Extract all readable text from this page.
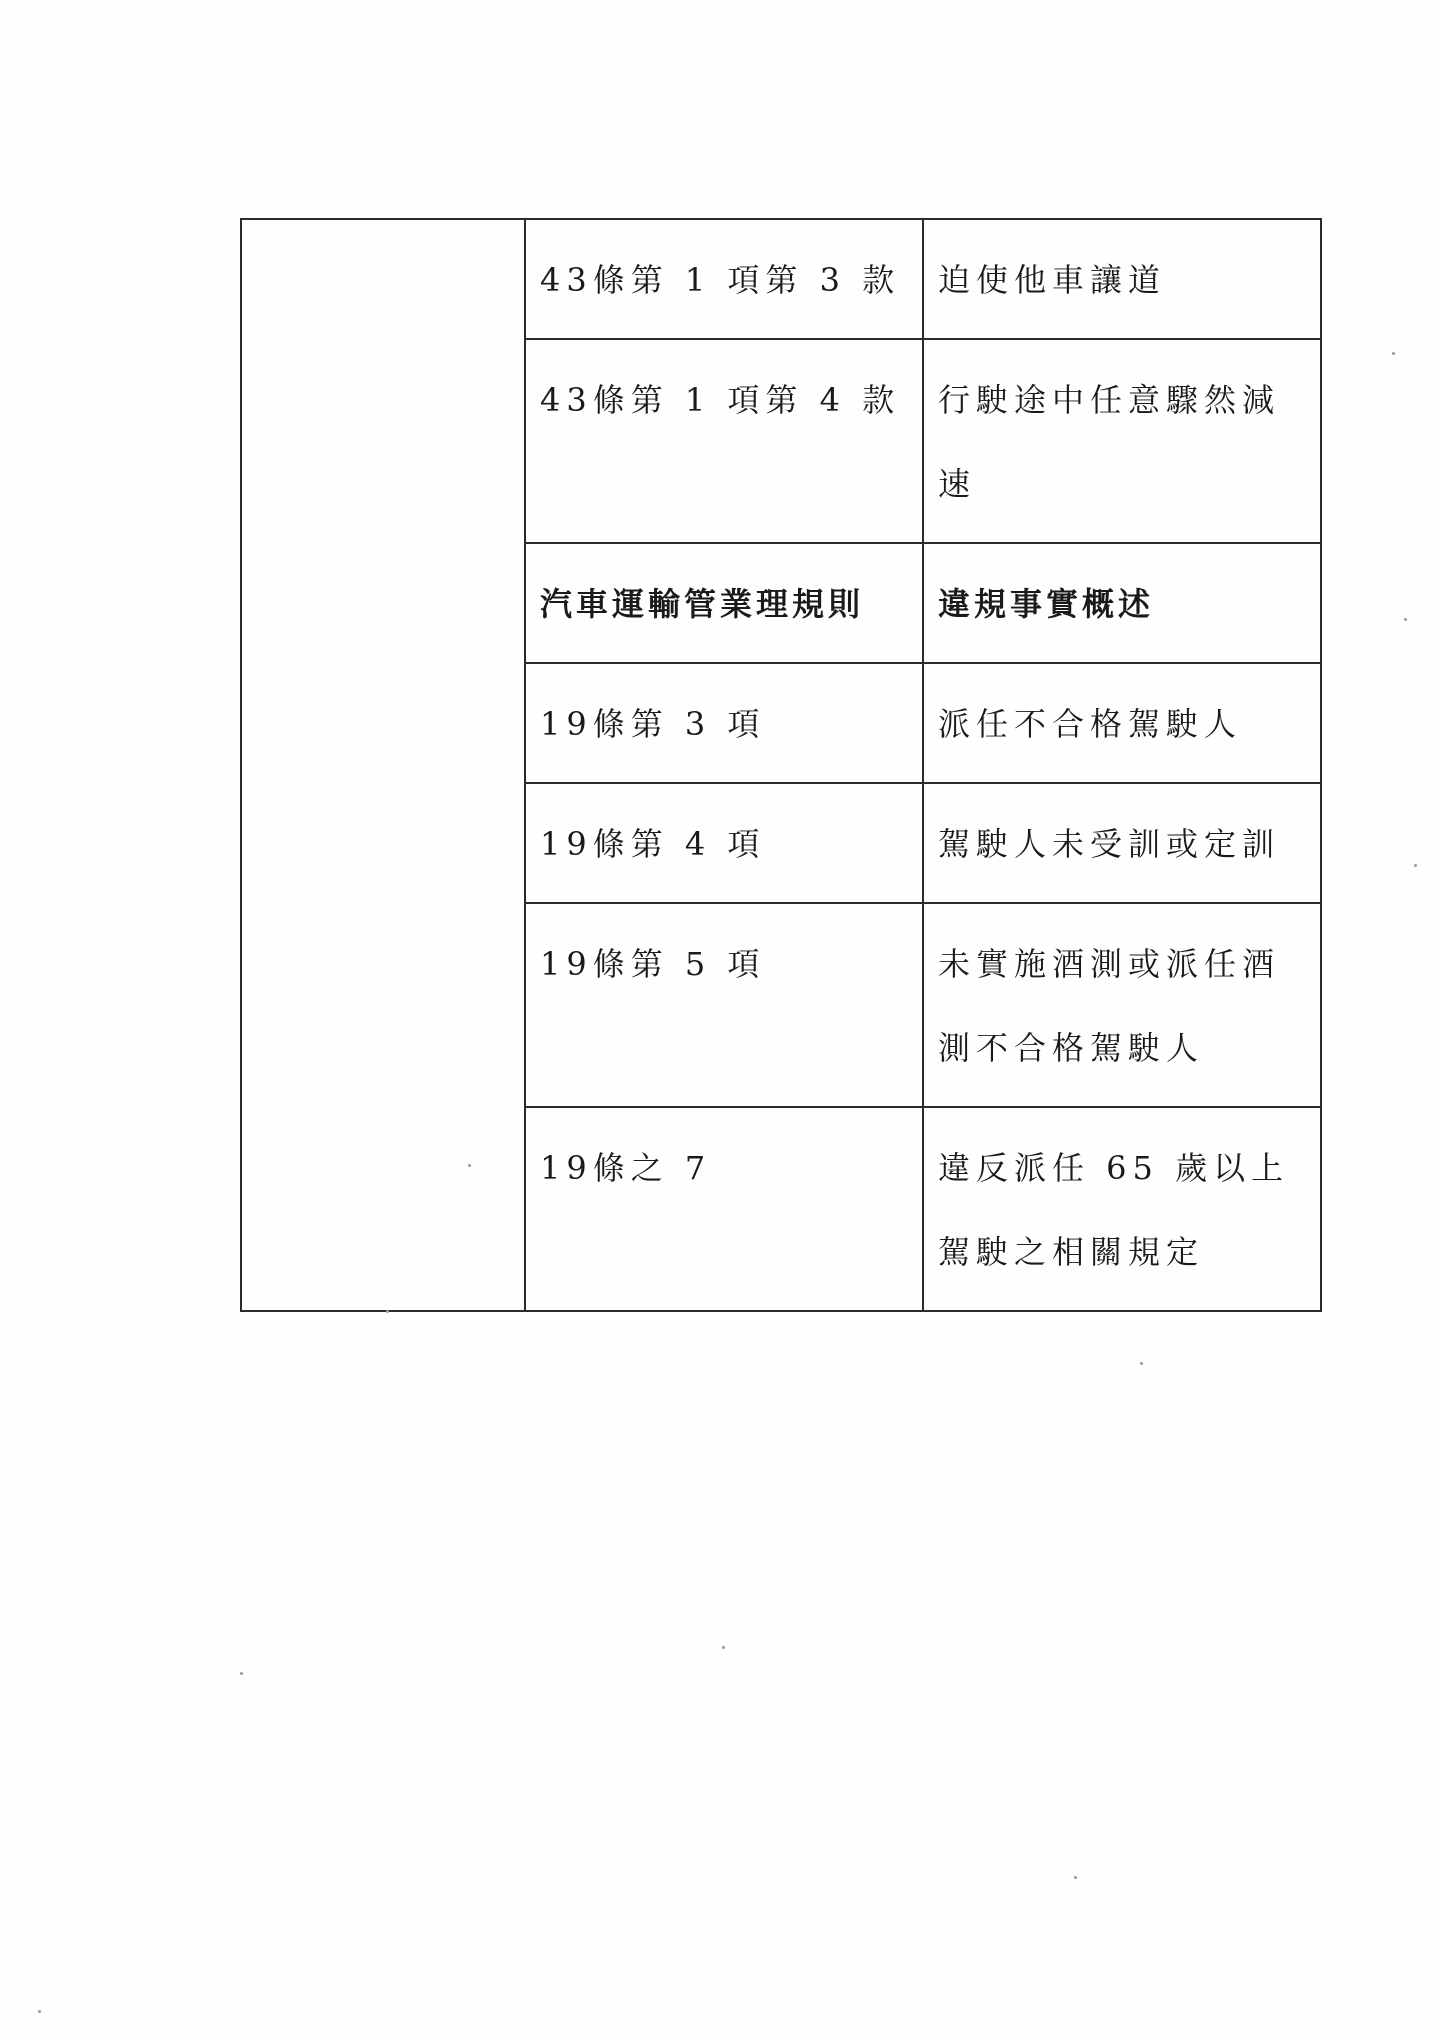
	43條第 1 項第 3 款	迫使他車讓道

	43條第 1 項第 4 款	行駛途中任意驟然減速

	汽車運輸管業理規則	違規事實概述

	19條第 3 項	派任不合格駕駛人

	19條第 4 項	駕駛人未受訓或定訓

	19條第 5 項	未實施酒測或派任酒測不合格駕駛人

	19條之 7	違反派任 65 歲以上駕駛之相關規定
